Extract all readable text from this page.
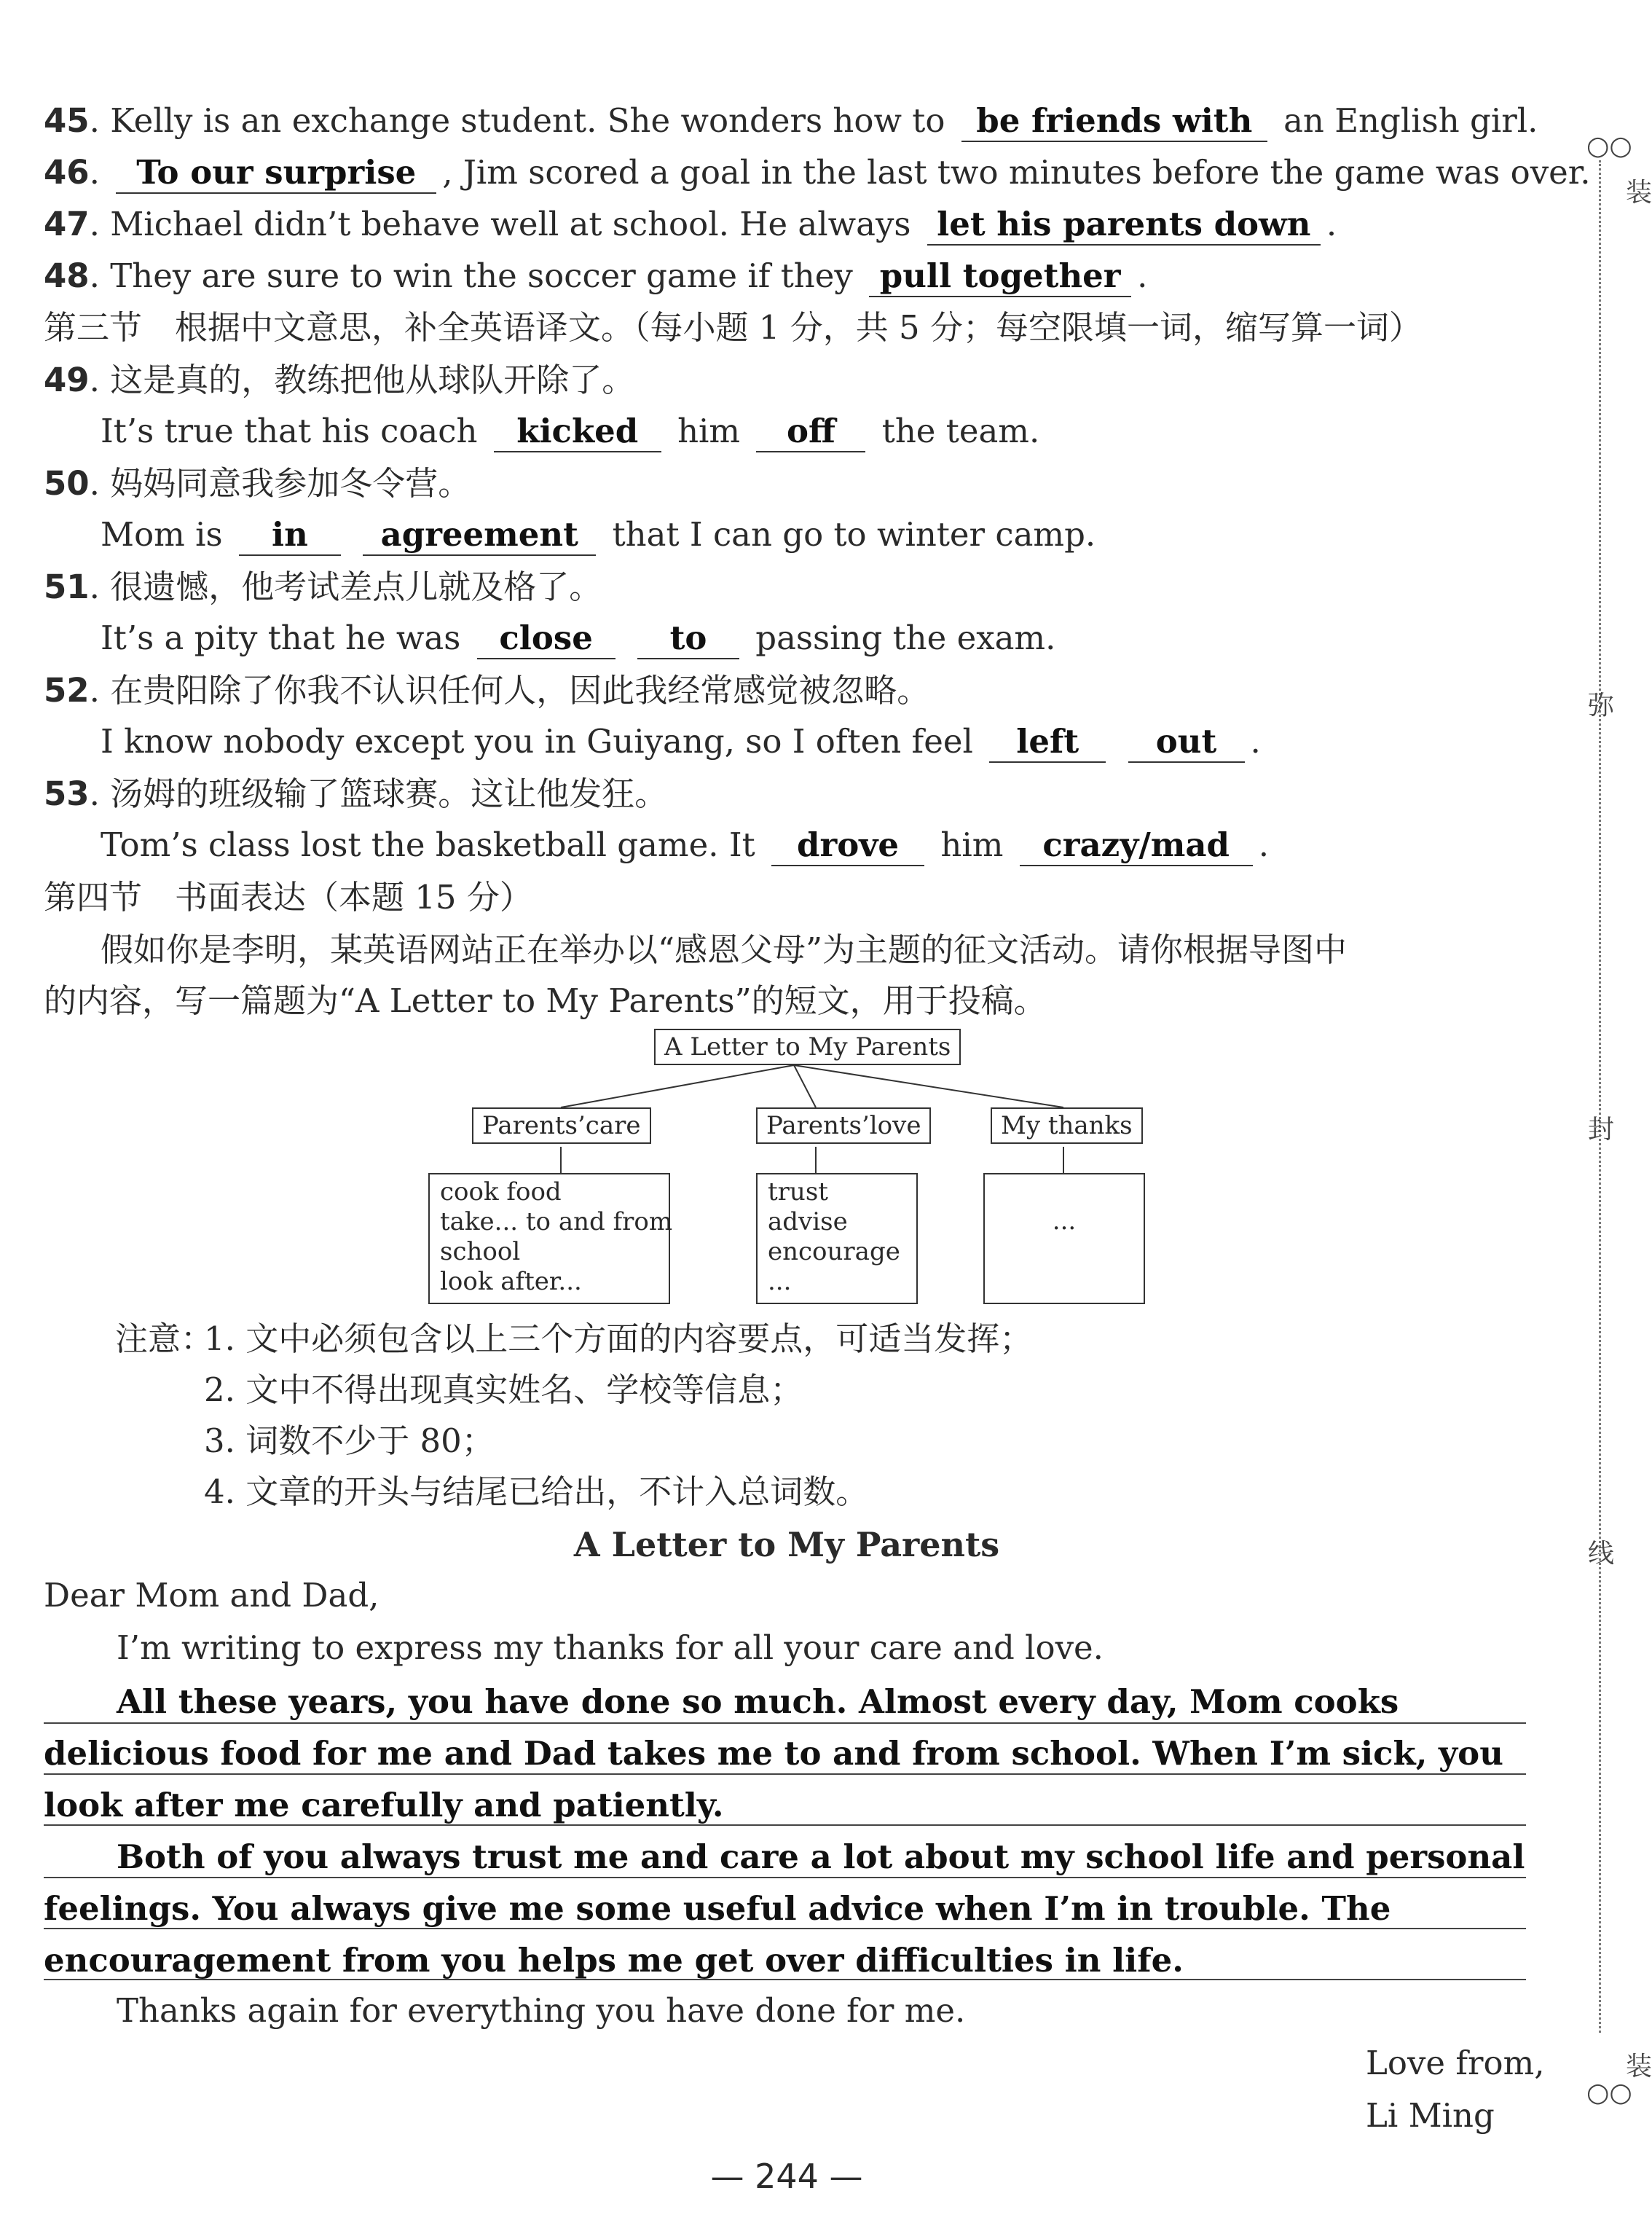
45. Kelly is an exchange student. She wonders how to be friends with an English girl.
46. To our surprise , Jim scored a goal in the last two minutes before the game was over.
47. Michael didn’t behave well at school. He always let his parents down .
48. They are sure to win the soccer game if they pull together .
第三节　根据中文意思，补全英语译文。（每小题 1 分，共 5 分；每空限填一词，缩写算一词）
49. 这是真的，教练把他从球队开除了。
It’s true that his coach kicked him off the team.
50. 妈妈同意我参加冬令营。
Mom is in agreement that I can go to winter camp.
51. 很遗憾，他考试差点儿就及格了。
It’s a pity that he was close to passing the exam.
52. 在贵阳除了你我不认识任何人，因此我经常感觉被忽略。
I know nobody except you in Guiyang, so I often feel left out .
53. 汤姆的班级输了篮球赛。这让他发狂。
Tom’s class lost the basketball game. It drove him crazy/mad .
第四节　书面表达（本题 15 分）
假如你是李明，某英语网站正在举办以“感恩父母”为主题的征文活动。请你根据导图中
的内容，写一篇题为“A Letter to My Parents”的短文，用于投稿。
A Letter to My Parents
Parents’care	Parents’love	My thanks
cook food
take... to and from
school
look after...
trust
advise
encourage
...
...
注意：
1. 文中必须包含以上三个方面的内容要点，可适当发挥；
2. 文中不得出现真实姓名、学校等信息；
3. 词数不少于 80；
4. 文章的开头与结尾已给出，不计入总词数。
A Letter to My Parents
Dear Mom and Dad,
I’m writing to express my thanks for all your care and love.

All these years, you have done so much. Almost every day, Mom cooks delicious food for me and Dad takes me to and from school. When I’m sick, you look after me carefully and patiently.

Both of you always trust me and care a lot about my school life and personal feelings. You always give me some useful advice when I’m in trouble. The encouragement from you helps me get over difficulties in life.

Thanks again for everything you have done for me.
Love from,
Li Ming
— 244 —
○○
装
弥
封
线
装
○○
